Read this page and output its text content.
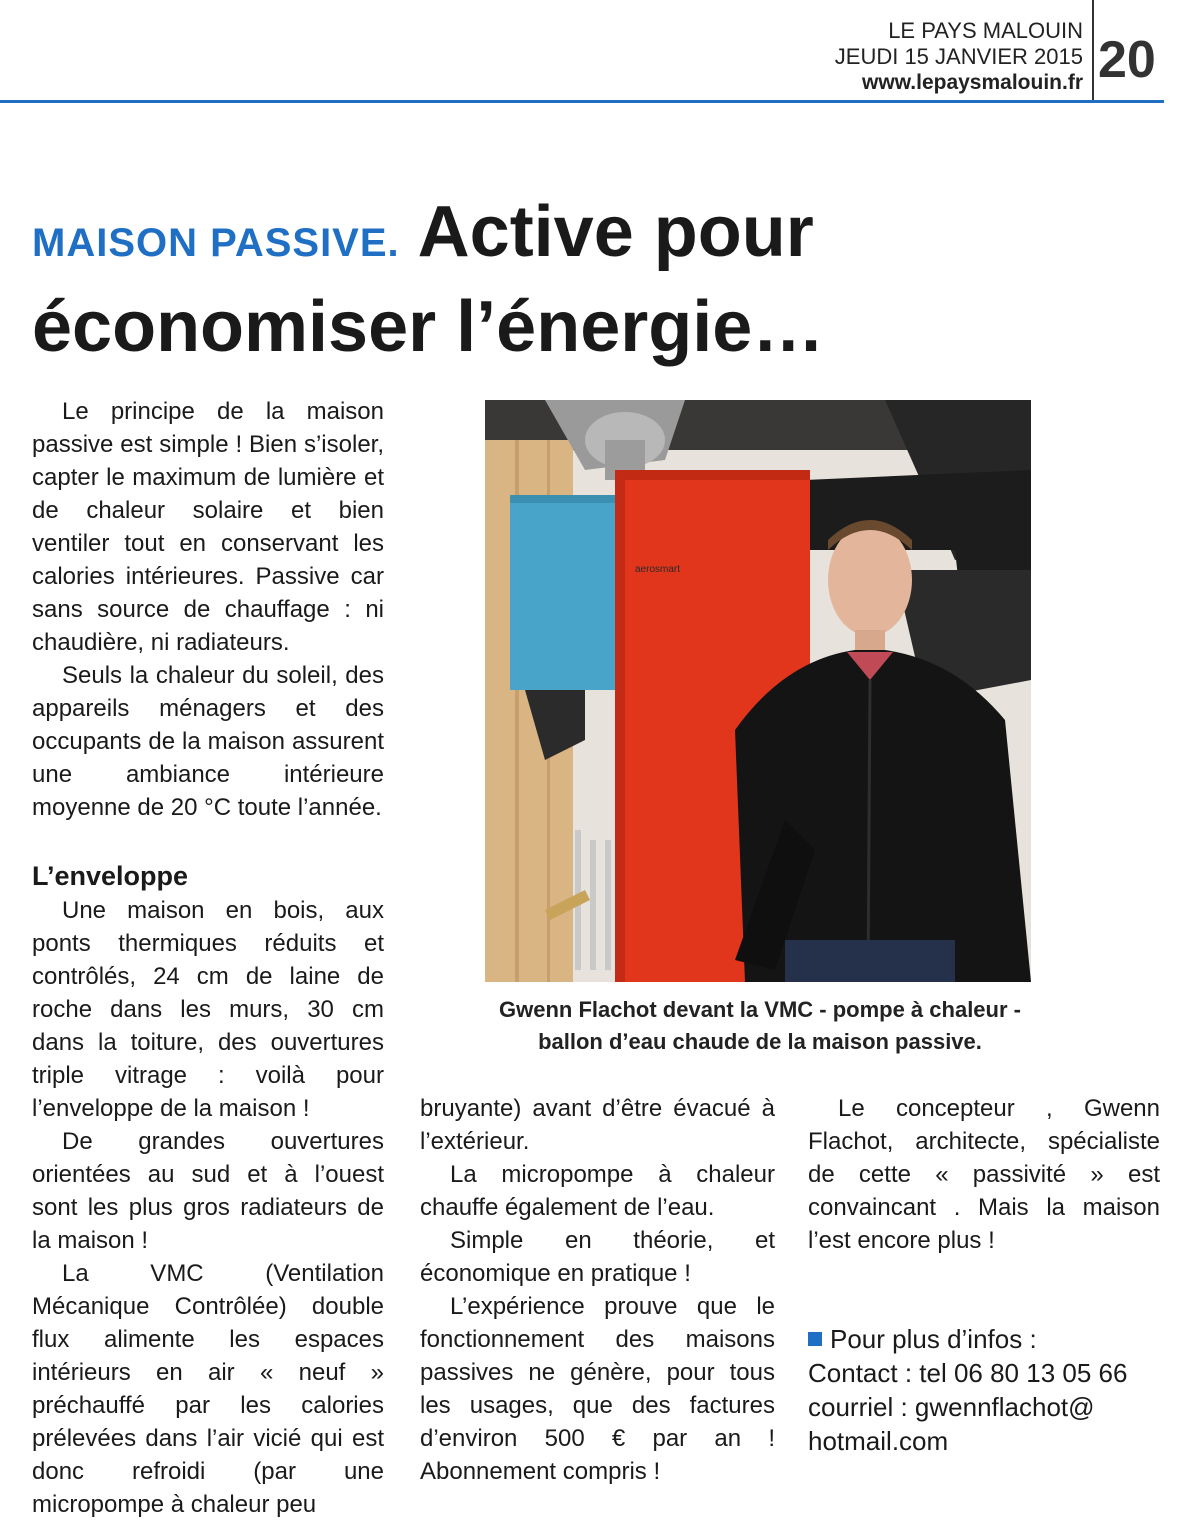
LE PAYS MALOUIN
JEUDI 15 JANVIER 2015
www.lepaysmalouin.fr 20
MAISON PASSIVE. Active pour économiser l’énergie…

Le principe de la maison passive est simple ! Bien s’isoler, capter le maximum de lumière et de chaleur solaire et bien ventiler tout en conservant les calories intérieures. Passive car sans source de chauffage : ni chaudière, ni radiateurs.

Seuls la chaleur du soleil, des appareils ménagers et des occupants de la maison assurent une ambiance intérieure moyenne de 20 °C toute l’année.

L’enveloppe

Une maison en bois, aux ponts thermiques réduits et contrôlés, 24 cm de laine de roche dans les murs, 30 cm dans la toiture, des ouvertures triple vitrage : voilà pour l’enveloppe de la maison !

De grandes ouvertures orientées au sud et à l’ouest sont les plus gros radiateurs de la maison !

La VMC (Ventilation Mécanique Contrôlée) double flux alimente les espaces intérieurs en air « neuf » préchauffé par les calories prélevées dans l’air vicié qui est donc refroidi (par une micropompe à chaleur peu

aerosmart
Gwenn Flachot devant la VMC - pompe à chaleur -
ballon d’eau chaude de la maison passive.

bruyante) avant d’être évacué à l’extérieur.

La micropompe à chaleur chauffe également de l’eau.

Simple en théorie, et économique en pratique !

L’expérience prouve que le fonctionnement des maisons passives ne génère, pour tous les usages, que des factures d’environ 500 € par an ! Abonnement compris !

Le concepteur , Gwenn Flachot, architecte, spécialiste de cette « passivité » est convaincant . Mais la maison l’est encore plus !

Pour plus d’infos :
Contact : tel 06 80 13 05 66
courriel : gwennflachot@
hotmail.com
